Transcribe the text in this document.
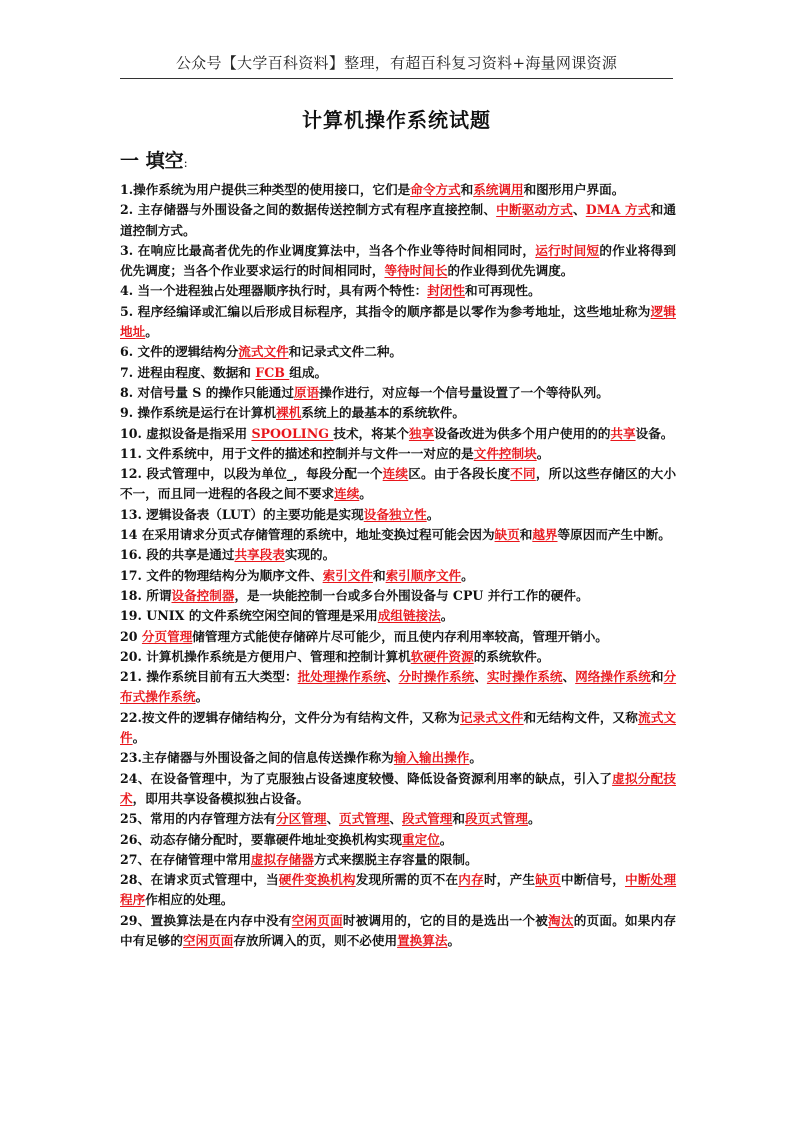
公众号【大学百科资料】整理，有超百科复习资料+海量网课资源
计算机操作系统试题
一 填空:

1.操作系统为用户提供三种类型的使用接口，它们是命令方式和系统调用和图形用户界面。

2. 主存储器与外围设备之间的数据传送控制方式有程序直接控制、中断驱动方式、DMA 方式和通道控制方式。

3. 在响应比最高者优先的作业调度算法中，当各个作业等待时间相同时，运行时间短的作业将得到优先调度；当各个作业要求运行的时间相同时，等待时间长的作业得到优先调度。

4. 当一个进程独占处理器顺序执行时，具有两个特性：封闭性和可再现性。

5. 程序经编译或汇编以后形成目标程序，其指令的顺序都是以零作为参考地址，这些地址称为逻辑地址。

6. 文件的逻辑结构分流式文件和记录式文件二种。

7. 进程由程度、数据和 FCB 组成。

8. 对信号量 S 的操作只能通过原语操作进行，对应每一个信号量设置了一个等待队列。

9. 操作系统是运行在计算机裸机系统上的最基本的系统软件。

10. 虚拟设备是指采用 SPOOLING 技术，将某个独享设备改进为供多个用户使用的的共享设备。

11. 文件系统中，用于文件的描述和控制并与文件一一对应的是文件控制块。

12. 段式管理中，以段为单位_，每段分配一个连续区。由于各段长度不同，所以这些存储区的大小不一，而且同一进程的各段之间不要求连续。

13. 逻辑设备表（LUT）的主要功能是实现设备独立性。

14 在采用请求分页式存储管理的系统中，地址变换过程可能会因为缺页和越界等原因而产生中断。

16. 段的共享是通过共享段表实现的。

17. 文件的物理结构分为顺序文件、索引文件和索引顺序文件。

18. 所谓设备控制器，是一块能控制一台或多台外围设备与 CPU 并行工作的硬件。

19. UNIX 的文件系统空闲空间的管理是采用成组链接法。

20 分页管理储管理方式能使存储碎片尽可能少，而且使内存利用率较高，管理开销小。

20. 计算机操作系统是方便用户、管理和控制计算机软硬件资源的系统软件。

21. 操作系统目前有五大类型：批处理操作系统、分时操作系统、实时操作系统、网络操作系统和分布式操作系统。

22.按文件的逻辑存储结构分，文件分为有结构文件，又称为记录式文件和无结构文件，又称流式文件。

23.主存储器与外围设备之间的信息传送操作称为输入输出操作。

24、在设备管理中，为了克服独占设备速度较慢、降低设备资源利用率的缺点，引入了虚拟分配技术，即用共享设备模拟独占设备。

25、常用的内存管理方法有分区管理、页式管理、段式管理和段页式管理。

26、动态存储分配时，要靠硬件地址变换机构实现重定位。

27、在存储管理中常用虚拟存储器方式来摆脱主存容量的限制。

28、在请求页式管理中，当硬件变换机构发现所需的页不在内存时，产生缺页中断信号，中断处理程序作相应的处理。

29、置换算法是在内存中没有空闲页面时被调用的，它的目的是选出一个被淘汰的页面。如果内存中有足够的空闲页面存放所调入的页，则不必使用置换算法。
